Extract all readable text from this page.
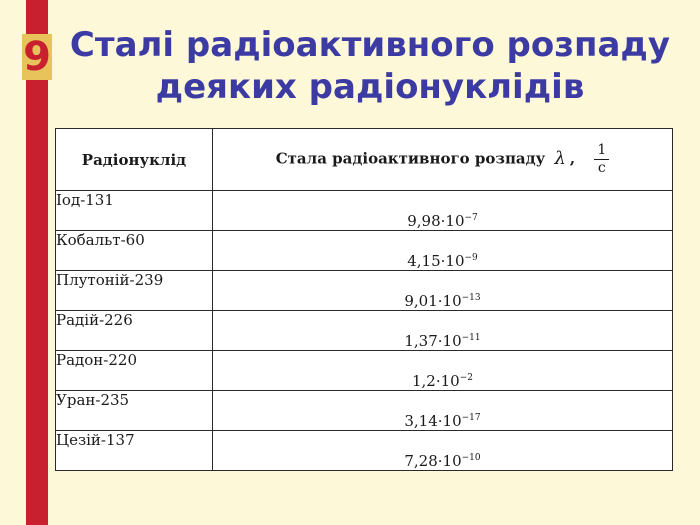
9 Сталі радіоактивного розпаду
деяких радіонуклідів
Радіонуклід	Стала радіоактивного розпаду λ , $\frac{1}{с}$

Іод-131	$9,98\cdot 10^{-7}$
Кобальт-60	$4,15\cdot 10^{-9}$
Плутоній-239	$9,01\cdot 10^{-13}$
Радій-226	$1,37\cdot 10^{-11}$
Радон-220	$1,2\cdot 10^{-2}$
Уран-235	$3,14\cdot 10^{-17}$
Цезій-137	$7,28\cdot 10^{-10}$
